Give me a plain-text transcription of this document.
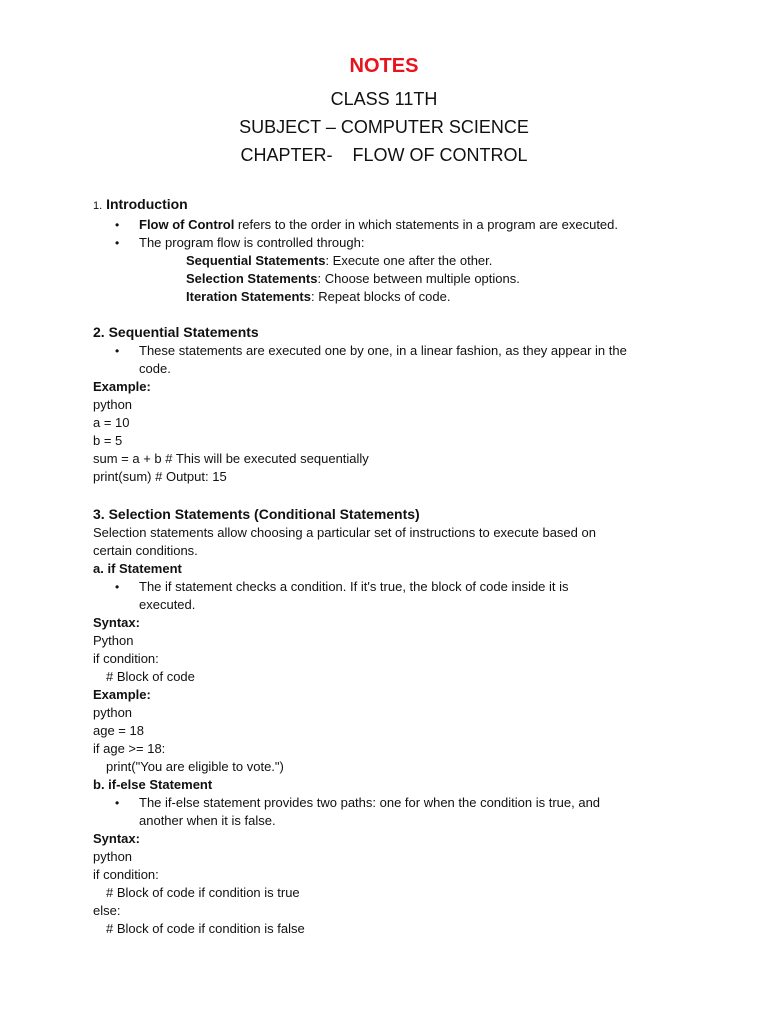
NOTES
CLASS 11TH
SUBJECT – COMPUTER SCIENCE
CHAPTER-    FLOW OF CONTROL
1. Introduction
• Flow of Control refers to the order in which statements in a program are executed.
• The program flow is controlled through:
Sequential Statements: Execute one after the other.
Selection Statements: Choose between multiple options.
Iteration Statements: Repeat blocks of code.
2. Sequential Statements
• These statements are executed one by one, in a linear fashion, as they appear in the
code.

Example:

python

a = 10

b = 5

sum = a + b # This will be executed sequentially

print(sum) # Output: 15

3. Selection Statements (Conditional Statements)

Selection statements allow choosing a particular set of instructions to execute based on

certain conditions.

a. if Statement

• The if statement checks a condition. If it's true, the block of code inside it is
executed.

Syntax:

Python

if condition:

# Block of code

Example:

python

age = 18

if age >= 18:

print("You are eligible to vote.")

b. if-else Statement

• The if-else statement provides two paths: one for when the condition is true, and
another when it is false.

Syntax:

python

if condition:

# Block of code if condition is true

else:

# Block of code if condition is false
